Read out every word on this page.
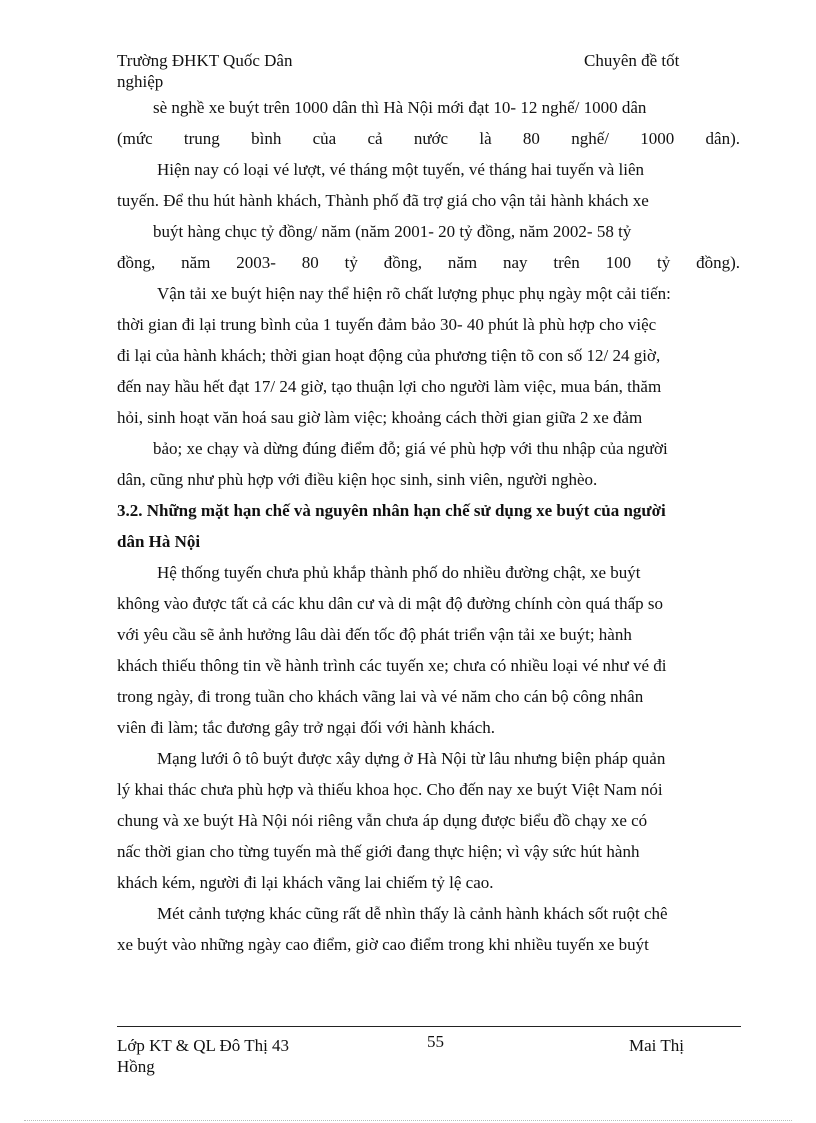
Trường ĐHKT Quốc Dân
nghiệp
Chuyên đề tốt
sè nghề xe buýt trên 1000 dân thì Hà Nội mới đạt 10- 12 nghế/ 1000 dân
(mức trung bình của cả nước là 80 nghế/ 1000 dân).
Hiện nay có loại vé lượt, vé tháng một tuyến, vé tháng hai tuyến và liên
tuyến. Để thu hút hành khách, Thành phố đã trợ giá cho vận tải hành khách xe
buýt hàng chục tỷ đồng/ năm (năm 2001- 20 tỷ đồng, năm 2002- 58 tỷ
đồng, năm 2003- 80 tỷ đồng, năm nay trên 100 tỷ đồng).
Vận tải xe buýt hiện nay thể hiện rõ chất lượng phục phụ ngày một cải tiến:
thời gian đi lại trung bình của 1 tuyến đảm bảo 30- 40 phút là phù hợp cho việc
đi lại của hành khách; thời gian hoạt động của phương tiện tõ con số 12/ 24 giờ,
đến nay hầu hết đạt 17/ 24 giờ, tạo thuận lợi cho người làm việc, mua bán, thăm
hỏi, sinh hoạt văn hoá sau giờ làm việc; khoảng cách thời gian giữa 2 xe đảm
bảo; xe chạy và dừng đúng điểm đỗ; giá vé phù hợp với thu nhập của người
dân, cũng như phù hợp với điều kiện học sinh, sinh viên, người nghèo.
3.2. Những mặt hạn chế và nguyên nhân hạn chế sử dụng xe buýt của người
dân Hà Nội
Hệ thống tuyến chưa phủ khắp thành phố do nhiều đường chật, xe buýt
không vào được tất cả các khu dân cư và di mật độ đường chính còn quá thấp so
với yêu cầu sẽ ảnh hưởng lâu dài đến tốc độ phát triển vận tải xe buýt; hành
khách thiếu thông tin về hành trình các tuyến xe; chưa có nhiều loại vé như vé đi
trong ngày, đi trong tuần cho khách vãng lai và vé năm cho cán bộ công nhân
viên đi làm; tắc đương gây trở ngại đối với hành khách.
Mạng lưới ô tô buýt được xây dựng ở Hà Nội từ lâu nhưng biện pháp quản
lý khai thác chưa phù hợp và thiếu khoa học. Cho đến nay xe buýt Việt Nam nói
chung và xe buýt Hà Nội nói riêng vẫn chưa áp dụng được biểu đồ chạy xe có
nấc thời gian cho từng tuyến mà thế giới đang thực hiện; vì vậy sức hút hành
khách kém, người đi lại khách vãng lai chiếm tỷ lệ cao.
Mét cảnh tượng khác cũng rất dễ nhìn thấy là cảnh hành khách sốt ruột chê
xe buýt vào những ngày cao điểm, giờ cao điểm trong khi nhiều tuyến xe buýt
Lớp KT & QL Đô Thị 43
Hồng
55	Mai Thị
